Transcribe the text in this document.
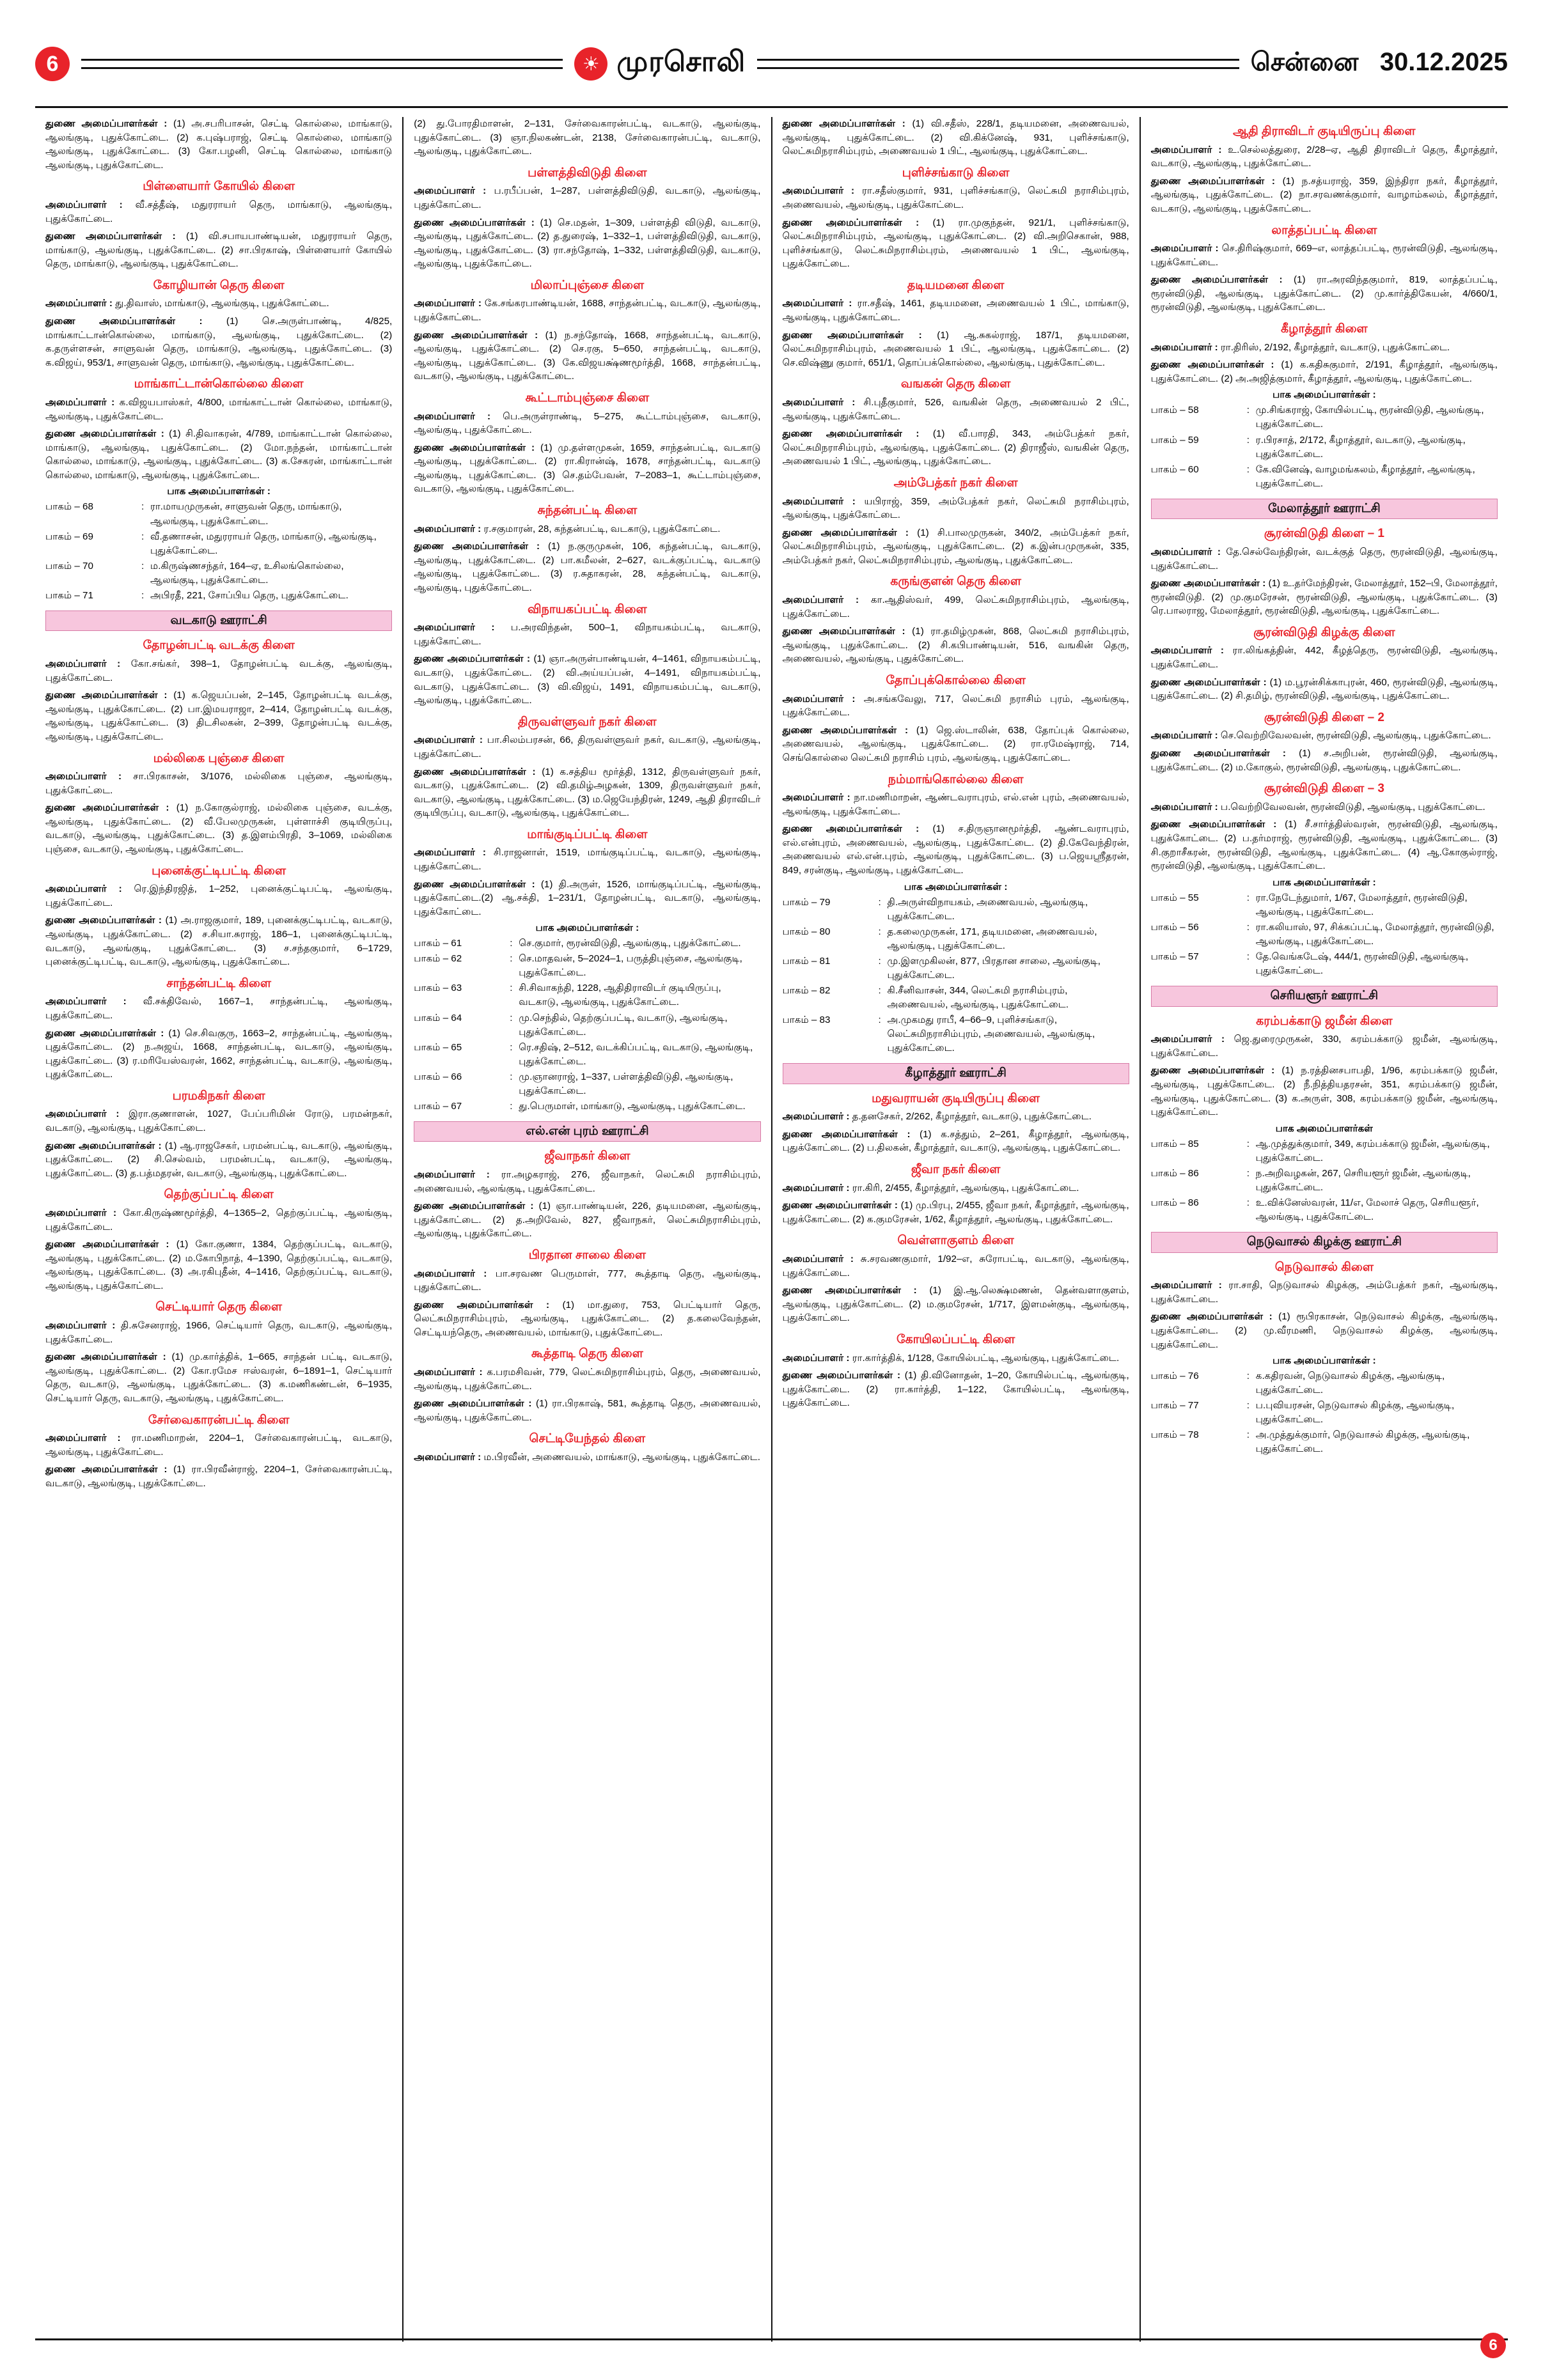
6	☀ முரசொலி	சென்னை 30.12.2025
துணை அமைப்பாளர்கள் : (1) அ.சபரிபாசன், செட்டி கொல்லை, மாங்காடு, ஆலங்குடி, புதுக்கோட்டை. (2) க.புஷ்பராஜ், செட்டி கொல்லை, மாங்காடு ஆலங்குடி, புதுக்கோட்டை. (3) கோ.பழனி, செட்டி கொல்லை, மாங்காடு ஆலங்குடி, புதுக்கோட்டை.
பிள்ளையார் கோயில் கிளை
அமைப்பாளர் : வீ.சத்தீஷ், மதுரராயர் தெரு, மாங்காடு, ஆலங்குடி, புதுக்கோட்டை.
துணை அமைப்பாளர்கள் : (1) வி.சபாயபாண்டியன், மதுரராயர் தெரு, மாங்காடு, ஆலங்குடி, புதுக்கோட்டை. (2) சா.பிரகாஷ், பிள்ளையார் கோயில் தெரு, மாங்காடு, ஆலங்குடி, புதுக்கோட்டை.
கோழியான் தெரு கிளை
அமைப்பாளர் : து.திவாஸ், மாங்காடு, ஆலங்குடி, புதுக்கோட்டை.
துணை அமைப்பாளர்கள் : (1) செ.அருள்பாண்டி, 4/825, மாங்காட்டான்கொல்லை, மாங்காடு, ஆலங்குடி, புதுக்கோட்டை. (2) க.தருள்ளசன், சாளுவன் தெரு, மாங்காடு, ஆலங்குடி, புதுக்கோட்டை. (3) க.விஜய், 953/1, சாளுவன் தெரு, மாங்காடு, ஆலங்குடி, புதுக்கோட்டை.
மாங்காட்டான்கொல்லை கிளை
அமைப்பாளர் : க.விஜயபாஸ்கர், 4/800, மாங்காட்டான் கொல்லை, மாங்காடு, ஆலங்குடி, புதுக்கோட்டை.
துணை அமைப்பாளர்கள் : (1) சி.திவாகரன், 4/789, மாங்காட்டான் கொல்லை, மாங்காடு, ஆலங்குடி, புதுக்கோட்டை. (2) மோ.நந்தன், மாங்காட்டான் கொல்லை, மாங்காடு, ஆலங்குடி, புதுக்கோட்டை. (3) க.சேகரன், மாங்காட்டான் கொல்லை, மாங்காடு, ஆலங்குடி, புதுக்கோட்டை.
பாக அமைப்பாளர்கள் :
பாகம் – 68	: ரா.மாயமுருகன், சாளுவன் தெரு, மாங்காடு, ஆலங்குடி, புதுக்கோட்டை.
பாகம் – 69	: வீ.தணாசன், மதுரராயர் தெரு, மாங்காடு, ஆலங்குடி, புதுக்கோட்டை.
பாகம் – 70	: ம.கிருஷ்ணசந்தர், 164–ஏ, உசிலங்கொல்லை, ஆலங்குடி, புதுக்கோட்டை.
பாகம் – 71	: அபிரதீ, 221, சோப்பிய தெரு, புதுக்கோட்டை.
வடகாடு ஊராட்சி
தோழன்பட்டி வடக்கு கிளை
அமைப்பாளர் : கோ.சங்கர், 398–1, தோழன்பட்டி வடக்கு, ஆலங்குடி, புதுக்கோட்டை.
துணை அமைப்பாளர்கள் : (1) க.ஜெயப்பன், 2–145, தோழன்பட்டி வடக்கு, ஆலங்குடி, புதுக்கோட்டை. (2) பா.இமயராஜா, 2–414, தோழன்பட்டி வடக்கு, ஆலங்குடி, புதுக்கோட்டை. (3) திடசிலகன், 2–399, தோழன்பட்டி வடக்கு, ஆலங்குடி, புதுக்கோட்டை.
மல்லிகை புஞ்சை கிளை
அமைப்பாளர் : சா.பிரகாசன், 3/1076, மல்லிகை புஞ்சை, ஆலங்குடி, புதுக்கோட்டை.
துணை அமைப்பாளர்கள் : (1) ந.கோகுல்ராஜ், மல்லிகை புஞ்சை, வடக்கு, ஆலங்குடி, புதுக்கோட்டை. (2) வீ.பேலமுருகன், புள்ளாச்சி குடியிருப்பு, வடகாடு, ஆலங்குடி, புதுக்கோட்டை. (3) த.இளம்பிரதி, 3–1069, மல்லிகை புஞ்சை, வடகாடு, ஆலங்குடி, புதுக்கோட்டை.
புனைக்குட்டிபட்டி கிளை
அமைப்பாளர் : ரெ.இந்திரஜித், 1–252, புனைக்குட்டிபட்டி, ஆலங்குடி, புதுக்கோட்டை.
துணை அமைப்பாளர்கள் : (1) அ.ராஜகுமார், 189, புனைக்குட்டிபட்டி, வடகாடு, ஆலங்குடி, புதுக்கோட்டை. (2) ச.சியா.சுராஜ், 186–1, புனைக்குட்டிபட்டி, வடகாடு, ஆலங்குடி, புதுக்கோட்டை. (3) ச.சந்தகுமார், 6–1729, புனைக்குட்டிபட்டி, வடகாடு, ஆலங்குடி, புதுக்கோட்டை.
சாந்தன்பட்டி கிளை
அமைப்பாளர் : வீ.சக்திவேல், 1667–1, சாந்தன்பட்டி, ஆலங்குடி, புதுக்கோட்டை.
துணை அமைப்பாளர்கள் : (1) செ.சிவகுரு, 1663–2, சாந்தன்பட்டி, ஆலங்குடி, புதுக்கோட்டை. (2) ந.அஜய், 1668, சாந்தன்பட்டி, வடகாடு, ஆலங்குடி, புதுக்கோட்டை. (3) ர.மரியேஸ்வரன், 1662, சாந்தன்பட்டி, வடகாடு, ஆலங்குடி, புதுக்கோட்டை.
பரமகிநகர் கிளை
அமைப்பாளர் : இரா.குணாளன், 1027, பேப்பரிமின் ரோடு, பரமன்நகர், வடகாடு, ஆலங்குடி, புதுக்கோட்டை.
துணை அமைப்பாளர்கள் : (1) ஆ.ராஜசேகர், பரமன்பட்டி, வடகாடு, ஆலங்குடி, புதுக்கோட்டை. (2) சி.செல்வம், பரமன்பட்டி, வடகாடு, ஆலங்குடி, புதுக்கோட்டை. (3) த.பத்மதரன், வடகாடு, ஆலங்குடி, புதுக்கோட்டை.
தெற்குப்பட்டி கிளை
அமைப்பாளர் : கோ.கிருஷ்ணமூர்த்தி, 4–1365–2, தெற்குப்பட்டி, ஆலங்குடி, புதுக்கோட்டை.
துணை அமைப்பாளர்கள் : (1) கோ.குணா, 1384, தெற்குப்பட்டி, வடகாடு, ஆலங்குடி, புதுக்கோட்டை. (2) ம.கோபிநாத், 4–1390, தெற்குப்பட்டி, வடகாடு, ஆலங்குடி, புதுக்கோட்டை. (3) அ.ரகிபுதீன், 4–1416, தெற்குப்பட்டி, வடகாடு, ஆலங்குடி, புதுக்கோட்டை.
செட்டியார் தெரு கிளை
அமைப்பாளர் : தி.சுசேனராஜ், 1966, செட்டியார் தெரு, வடகாடு, ஆலங்குடி, புதுக்கோட்டை.
துணை அமைப்பாளர்கள் : (1) மு.கார்த்திக், 1–665, சாந்தன் பட்டி, வடகாடு, ஆலங்குடி, புதுக்கோட்டை. (2) கோ.ரமேச ஈஸ்வரன், 6–1891–1, செட்டியார் தெரு, வடகாடு, ஆலங்குடி, புதுக்கோட்டை. (3) க.மணிகண்டன், 6–1935, செட்டியார் தெரு, வடகாடு, ஆலங்குடி, புதுக்கோட்டை.
சேர்வைகாரன்பட்டி கிளை
அமைப்பாளர் : ரா.மணிமாறன், 2204–1, சேர்வைகாரன்பட்டி, வடகாடு, ஆலங்குடி, புதுக்கோட்டை.
துணை அமைப்பாளர்கள் : (1) ரா.பிரவீன்ராஜ், 2204–1, சேர்வைகாரன்பட்டி, வடகாடு, ஆலங்குடி, புதுக்கோட்டை.
(2) து.போரதிமாளன், 2–131, சேர்வைகாரன்பட்டி, வடகாடு, ஆலங்குடி, புதுக்கோட்டை. (3) ஞா.நிலகண்டன், 2138, சேர்வைகாரன்பட்டி, வடகாடு, ஆலங்குடி, புதுக்கோட்டை.
பள்ளத்திவிடுதி கிளை
அமைப்பாளர் : ப.ரபீப்பன், 1–287, பள்ளத்திவிடுதி, வடகாடு, ஆலங்குடி, புதுக்கோட்டை.
துணை அமைப்பாளர்கள் : (1) செ.மதன், 1–309, பள்ளத்தி விடுதி, வடகாடு, ஆலங்குடி, புதுக்கோட்டை. (2) த.துரைஷ், 1–332–1, பள்ளத்திவிடுதி, வடகாடு, ஆலங்குடி, புதுக்கோட்டை. (3) ரா.சந்தோஷ், 1–332, பள்ளத்திவிடுதி, வடகாடு, ஆலங்குடி, புதுக்கோட்டை.
மிலாப்புஞ்சை கிளை
அமைப்பாளர் : கே.சங்கரபாண்டியன், 1688, சாந்தன்பட்டி, வடகாடு, ஆலங்குடி, புதுக்கோட்டை.
துணை அமைப்பாளர்கள் : (1) ந.சந்தோஷ், 1668, சாந்தன்பட்டி, வடகாடு, ஆலங்குடி, புதுக்கோட்டை. (2) செ.ரகு, 5–650, சாந்தன்பட்டி, வடகாடு, ஆலங்குடி, புதுக்கோட்டை. (3) கே.விஜயக்ஷ்ணமூர்த்தி, 1668, சாந்தன்பட்டி, வடகாடு, ஆலங்குடி, புதுக்கோட்டை.
கூட்டாம்புஞ்சை கிளை
அமைப்பாளர் : பெ.அருள்ராண்டி, 5–275, கூட்டாம்புஞ்சை, வடகாடு, ஆலங்குடி, புதுக்கோட்டை.
துணை அமைப்பாளர்கள் : (1) மு.தள்ளமுகன், 1659, சாந்தன்பட்டி, வடகாடு ஆலங்குடி, புதுக்கோட்டை. (2) ரா.கிரான்ஷ், 1678, சாந்தன்பட்டி, வடகாடு ஆலங்குடி, புதுக்கோட்டை. (3) செ.தம்பேவன், 7–2083–1, கூட்டாம்புஞ்சை, வடகாடு, ஆலங்குடி, புதுக்கோட்டை.
சுந்தன்பட்டி கிளை
அமைப்பாளர் : ர.சகுமாரன், 28, கந்தன்பட்டி, வடகாடு, புதுக்கோட்டை.
துணை அமைப்பாளர்கள் : (1) ந.குருமுகன், 106, கந்தன்பட்டி, வடகாடு, ஆலங்குடி, புதுக்கோட்டை. (2) பா.கமீலன், 2–627, வடக்குப்பட்டி, வடகாடு ஆலங்குடி, புதுக்கோட்டை. (3) ர.சுதாகரன், 28, கந்தன்பட்டி, வடகாடு, ஆலங்குடி, புதுக்கோட்டை.
விநாயகப்பட்டி கிளை
அமைப்பாளர் : ப.அரவிந்தன், 500–1, விநாயகம்பட்டி, வடகாடு, புதுக்கோட்டை.
துணை அமைப்பாளர்கள் : (1) ஞா.அருள்பாண்டியன், 4–1461, விநாயகம்பட்டி, வடகாடு, புதுக்கோட்டை. (2) வி.அய்யப்பன், 4–1491, விநாயகம்பட்டி, வடகாடு, புதுக்கோட்டை. (3) வி.விஜய், 1491, விநாயகம்பட்டி, வடகாடு, ஆலங்குடி, புதுக்கோட்டை.
திருவள்ளுவர் நகர் கிளை
அமைப்பாளர் : பா.சிலம்பரசன், 66, திருவள்ளுவர் நகர், வடகாடு, ஆலங்குடி, புதுக்கோட்டை.
துணை அமைப்பாளர்கள் : (1) க.சத்திய மூர்த்தி, 1312, திருவள்ளுவர் நகர், வடகாடு, புதுக்கோட்டை. (2) வி.தமிழ்அழகன், 1309, திருவள்ளுவர் நகர், வடகாடு, ஆலங்குடி, புதுக்கோட்டை. (3) ம.ஜெயேந்திரன், 1249, ஆதி திராவிடர் குடியிருப்பு, வடகாடு, ஆலங்குடி, புதுக்கோட்டை.
மாங்குடிப்பட்டி கிளை
அமைப்பாளர் : சி.ராஜனாள், 1519, மாங்குடிப்பட்டி, வடகாடு, ஆலங்குடி, புதுக்கோட்டை.
துணை அமைப்பாளர்கள் : (1) தி.அருள், 1526, மாங்குடிப்பட்டி, ஆலங்குடி, புதுக்கோட்டை.(2) ஆ.சக்தி, 1–231/1, தோழன்பட்டி, வடகாடு, ஆலங்குடி, புதுக்கோட்டை.
பாக அமைப்பாளர்கள் :
பாகம் – 61	: செ.குமார், ரூரன்விடுதி, ஆலங்குடி, புதுக்கோட்டை.
பாகம் – 62	: செ.மாதவன், 5–2024–1, பருத்திபுஞ்சை, ஆலங்குடி, புதுக்கோட்டை.
பாகம் – 63	: சி.சிவாகந்தி, 1228, ஆதிதிராவிடர் குடியிருப்பு, வடகாடு, ஆலங்குடி, புதுக்கோட்டை.
பாகம் – 64	: மு.செந்தில், தெற்குப்பட்டி, வடகாடு, ஆலங்குடி, புதுக்கோட்டை.
பாகம் – 65	: ரெ.சதிஷ், 2–512, வடக்கிப்பட்டி, வடகாடு, ஆலங்குடி, புதுக்கோட்டை.
பாகம் – 66	: மு.ஞானராஜ், 1–337, பள்ளத்திவிடுதி, ஆலங்குடி, புதுக்கோட்டை.
பாகம் – 67	: து.பெருமாள், மாங்காடு, ஆலங்குடி, புதுக்கோட்டை.
எல்.என் புரம் ஊராட்சி
ஜீவாநகர் கிளை
அமைப்பாளர் : ரா.அழகராஜ், 276, ஜீவாநகர், லெட்சுமி நராசிம்புரம், அணைவயல், ஆலங்குடி, புதுக்கோட்டை.
துணை அமைப்பாளர்கள் : (1) ஞா.பாண்டியன், 226, தடியமனை, ஆலங்குடி, புதுக்கோட்டை. (2) த.அறிவேல், 827, ஜீவாநகர், லெட்சுமிநராசிம்புரம், ஆலங்குடி, புதுக்கோட்டை.
பிரதான சாலை கிளை
அமைப்பாளர் : பா.சரவண பெருமாள், 777, கூத்தாடி தெரு, ஆலங்குடி, புதுக்கோட்டை.
துணை அமைப்பாளர்கள் : (1) மா.துரை, 753, பெட்டியார் தெரு, லெட்சுமிநராசிம்புரம், ஆலங்குடி, புதுக்கோட்டை. (2) த.கலைவேந்தன், செட்டியந்தெரு, அணைவயல், மாங்காடு, புதுக்கோட்டை.
கூத்தாடி தெரு கிளை
அமைப்பாளர் : க.பரமசிவன், 779, லெட்சுமிநராசிம்புரம், தெரு, அணைவயல், ஆலங்குடி, புதுக்கோட்டை.
துணை அமைப்பாளர்கள் : (1) ரா.பிரகாஷ், 581, கூத்தாடி தெரு, அணைவயல், ஆலங்குடி, புதுக்கோட்டை.
செட்டியேந்தல் கிளை
அமைப்பாளர் : ம.பிரவீன், அணைவயல், மாங்காடு, ஆலங்குடி, புதுக்கோட்டை.
துணை அமைப்பாளர்கள் : (1) வி.சதீஸ், 228/1, தடியமனை, அணைவயல், ஆலங்குடி, புதுக்கோட்டை. (2) வி.கிக்னேஷ், 931, புளிச்சங்காடு, லெட்சுமிநராசிம்புரம், அணைவயல் 1 பிட், ஆலங்குடி, புதுக்கோட்டை.
புளிச்சங்காடு கிளை
அமைப்பாளர் : ரா.சதீஸ்குமார், 931, புளிச்சங்காடு, லெட்சுமி நராசிம்புரம், அணைவயல், ஆலங்குடி, புதுக்கோட்டை.
துணை அமைப்பாளர்கள் : (1) ரா.முகுந்தன், 921/1, புளிச்சங்காடு, லெட்சுமிநராசிம்புரம், ஆலங்குடி, புதுக்கோட்டை. (2) வி.அறிசெகான், 988, புளிச்சங்காடு, லெட்சுமிநராசிம்புரம், அணைவயல் 1 பிட், ஆலங்குடி, புதுக்கோட்டை.
தடியமனை கிளை
அமைப்பாளர் : ரா.சதீஷ், 1461, தடியமனை, அணைவயல் 1 பிட், மாங்காடு, ஆலங்குடி, புதுக்கோட்டை.
துணை அமைப்பாளர்கள் : (1) ஆ.சுகல்ராஜ், 187/1, தடியமனை, லெட்சுமிநராசிம்புரம், அணைவயல் 1 பிட், ஆலங்குடி, புதுக்கோட்டை. (2) செ.விஷ்ணு குமார், 651/1, தொப்பக்கொல்லை, ஆலங்குடி, புதுக்கோட்டை.
வஙகன் தெரு கிளை
அமைப்பாளர் : சி.புதீகுமார், 526, வஙகின் தெரு, அணைவயல் 2 பிட், ஆலங்குடி, புதுக்கோட்டை.
துணை அமைப்பாளர்கள் : (1) வீ.பாரதி, 343, அம்பேத்கர் நகர், லெட்சுமிநராசிம்புரம், ஆலங்குடி, புதுக்கோட்டை. (2) திராஜீஸ், வஙகின் தெரு, அணைவயல் 1 பிட், ஆலங்குடி, புதுக்கோட்டை.
அம்பேத்கர் நகர் கிளை
அமைப்பாளர் : யபிராஜ், 359, அம்பேத்கர் நகர், லெட்சுமி நராசிம்புரம், ஆலங்குடி, புதுக்கோட்டை.
துணை அமைப்பாளர்கள் : (1) சி.பாலமுருகன், 340/2, அம்பேத்கர் நகர், லெட்சுமிநராசிம்புரம், ஆலங்குடி, புதுக்கோட்டை. (2) க.இன்பமுருகன், 335, அம்பேத்கர் நகர், லெட்சுமிநராசிம்புரம், ஆலங்குடி, புதுக்கோட்டை.
கருங்குளன் தெரு கிளை
அமைப்பாளர் : கா.ஆதிஸ்வர், 499, லெட்சுமிநராசிம்புரம், ஆலங்குடி, புதுக்கோட்டை.
துணை அமைப்பாளர்கள் : (1) ரா.தமிழ்முகன், 868, லெட்சுமி நராசிம்புரம், ஆலங்குடி, புதுக்கோட்டை. (2) சி.கபிபாண்டியன், 516, வஙகின் தெரு, அணைவயல், ஆலங்குடி, புதுக்கோட்டை.
தோப்புக்கொல்லை கிளை
அமைப்பாளர் : அ.சங்கவேலு, 717, லெட்சுமி நராசிம் புரம், ஆலங்குடி, புதுக்கோட்டை.
துணை அமைப்பாளர்கள் : (1) ஜெ.ஸ்டாலின், 638, தோப்புக் கொல்லை, அணைவயல், ஆலங்குடி, புதுக்கோட்டை. (2) ரா.ரமேஷ்ராஜ், 714, செங்கொல்லை லெட்சுமி நராசிம் புரம், ஆலங்குடி, புதுக்கோட்டை.
நம்மாங்கொல்லை கிளை
அமைப்பாளர் : நா.மணிமாறன், ஆண்டவராபுரம், எல்.என் புரம், அணைவயல், ஆலங்குடி, புதுக்கோட்டை.
துணை அமைப்பாளர்கள் : (1) ச.திருஞானமூர்த்தி, ஆண்டவராபுரம், எல்.என்புரம், அணைவயல், ஆலங்குடி, புதுக்கோட்டை. (2) தி.கேவேந்திரன், அணைவயல் எல்.என்.புரம், ஆலங்குடி, புதுக்கோட்டை. (3) ப.ஜெயஸ்ரீதரன், 849, சரன்குடி, ஆலங்குடி, புதுக்கோட்டை.
பாக அமைப்பாளர்கள் :
பாகம் – 79	: தி.அருள்விநாயகம், அணைவயல், ஆலங்குடி, புதுக்கோட்டை.
பாகம் – 80	: த.கலைமுருகன், 171, தடியமனை, அணைவயல், ஆலங்குடி, புதுக்கோட்டை.
பாகம் – 81	: மு.இளமுகிலன், 877, பிரதான சாலை, ஆலங்குடி, புதுக்கோட்டை.
பாகம் – 82	: கி.சீனிவாசன், 344, லெட்சுமி நராசிம்புரம், அணைவயல், ஆலங்குடி, புதுக்கோட்டை.
பாகம் – 83	: அ.முகமது ராபீ, 4–66–9, புளிச்சங்காடு, லெட்சுமிநராசிம்புரம், அணைவயல், ஆலங்குடி, புதுக்கோட்டை.
கீழாத்தூர் ஊராட்சி
மதுவராயன் குடியிருப்பு கிளை
அமைப்பாளர் : த.தனசேகர், 2/262, கீழாத்தூர், வடகாடு, புதுக்கோட்டை.
துணை அமைப்பாளர்கள் : (1) க.சத்தும், 2–261, கீழாத்தூர், ஆலங்குடி, புதுக்கோட்டை. (2) ப.திலகன், கீழாத்தூர், வடகாடு, ஆலங்குடி, புதுக்கோட்டை.
ஜீவா நகர் கிளை
அமைப்பாளர் : ரா.கிரி, 2/455, கீழாத்தூர், ஆலங்குடி, புதுக்கோட்டை.
துணை அமைப்பாளர்கள் : (1) மு.பிரபு, 2/455, ஜீவா நகர், கீழாத்தூர், ஆலங்குடி, புதுக்கோட்டை. (2) க.குமரேசன், 1/62, கீழாத்தூர், ஆலங்குடி, புதுக்கோட்டை.
வெள்ளாகுளம் கிளை
அமைப்பாளர் : சு.சரவணகுமார், 1/92–எ, சுரோபட்டி, வடகாடு, ஆலங்குடி, புதுக்கோட்டை.
துணை அமைப்பாளர்கள் : (1) இ.ஆ.லெக்ஷ்மணன், தென்வளாகுளம், ஆலங்குடி, புதுக்கோட்டை. (2) ம.குமரேசன், 1/717, இளமன்குடி, ஆலங்குடி, புதுக்கோட்டை.
கோயிலப்பட்டி கிளை
அமைப்பாளர் : ரா.கார்த்திக், 1/128, கோயில்பட்டி, ஆலங்குடி, புதுக்கோட்டை.
துணை அமைப்பாளர்கள் : (1) தி.வினோதன், 1–20, கோயில்பட்டி, ஆலங்குடி, புதுக்கோட்டை. (2) ரா.கார்த்தி, 1–122, கோயில்பட்டி, ஆலங்குடி, புதுக்கோட்டை.
ஆதி திராவிடர் குடியிருப்பு கிளை
அமைப்பாளர் : உ.செல்லத்துரை, 2/28–ஏ, ஆதி திராவிடர் தெரு, கீழாத்தூர், வடகாடு, ஆலங்குடி, புதுக்கோட்டை.
துணை அமைப்பாளர்கள் : (1) ந.சத்யராஜ், 359, இந்திரா நகர், கீழாத்தூர், ஆலங்குடி, புதுக்கோட்டை. (2) நா.சரவணக்குமார், வாழாம்கலம், கீழாத்தூர், வடகாடு, ஆலங்குடி, புதுக்கோட்டை.
லாத்தப்பட்டி கிளை
அமைப்பாளர் : செ.திரிஷ்குமார், 669–எ, லாத்தப்பட்டி, ரூரன்விடுதி, ஆலங்குடி, புதுக்கோட்டை.
துணை அமைப்பாளர்கள் : (1) ரா.அரவிந்தகுமார், 819, லாத்தப்பட்டி, ரூரன்விடுதி, ஆலங்குடி, புதுக்கோட்டை. (2) மு.கார்த்திகேயன், 4/660/1, ரூரன்விடுதி, ஆலங்குடி, புதுக்கோட்டை.
கீழாத்தூர் கிளை
அமைப்பாளர் : ரா.திரிஸ், 2/192, கீழாத்தூர், வடகாடு, புதுக்கோட்டை.
துணை அமைப்பாளர்கள் : (1) க.கதிசுகுமார், 2/191, கீழாத்தூர், ஆலங்குடி, புதுக்கோட்டை. (2) அ.அஜித்குமார், கீழாத்தூர், ஆலங்குடி, புதுக்கோட்டை.
பாக அமைப்பாளர்கள் :
பாகம் – 58	: மு.சிங்கராஜ், கோயில்பட்டி, ரூரன்விடுதி, ஆலங்குடி, புதுக்கோட்டை.
பாகம் – 59	: ர.பிரசாத், 2/172, கீழாத்தூர், வடகாடு, ஆலங்குடி, புதுக்கோட்டை.
பாகம் – 60	: கே.வினேஷ், வாழமங்கலம், கீழாத்தூர், ஆலங்குடி, புதுக்கோட்டை.
மேலாத்தூர் ஊராட்சி
சூரன்விடுதி கிளை – 1
அமைப்பாளர் : தே.செல்வேந்திரன், வடக்குத் தெரு, ரூரன்விடுதி, ஆலங்குடி, புதுக்கோட்டை.
துணை அமைப்பாளர்கள் : (1) உ.தர்மேந்திரன், மேலாத்தூர், 152–பி, மேலாத்தூர், ரூரன்விடுதி. (2) மு.குமரேசன், ரூரன்விடுதி, ஆலங்குடி, புதுக்கோட்டை. (3) ரெ.பாலராஜ, மேலாத்தூர், ரூரன்விடுதி, ஆலங்குடி, புதுக்கோட்டை.
சூரன்விடுதி கிழக்கு கிளை
அமைப்பாளர் : ரா.லிங்கத்தின், 442, கீழத்தெரு, ரூரன்விடுதி, ஆலங்குடி, புதுக்கோட்டை.
துணை அமைப்பாளர்கள் : (1) ம.பூரன்சிக்காபுரன், 460, ரூரன்விடுதி, ஆலங்குடி, புதுக்கோட்டை. (2) சி.தமிழ், ரூரன்விடுதி, ஆலங்குடி, புதுக்கோட்டை.
சூரன்விடுதி கிளை – 2
அமைப்பாளர் : செ.வெற்றிவேலவன், ரூரன்விடுதி, ஆலங்குடி, புதுக்கோட்டை.
துணை அமைப்பாளர்கள் : (1) ச.அறிபன், ரூரன்விடுதி, ஆலங்குடி, புதுக்கோட்டை. (2) ம.கோகுல், ரூரன்விடுதி, ஆலங்குடி, புதுக்கோட்டை.
சூரன்விடுதி கிளை – 3
அமைப்பாளர் : ப.வெற்றிவேலவன், ரூரன்விடுதி, ஆலங்குடி, புதுக்கோட்டை.
துணை அமைப்பாளர்கள் : (1) சீ.சார்த்திஸ்வரன், ரூரன்விடுதி, ஆலங்குடி, புதுக்கோட்டை. (2) ப.தர்மராஜ், ரூரன்விடுதி, ஆலங்குடி, புதுக்கோட்டை. (3) சி.குறாசீகரன், ரூரன்விடுதி, ஆலங்குடி, புதுக்கோட்டை. (4) ஆ.கோகுல்ராஜ், ரூரன்விடுதி, ஆலங்குடி, புதுக்கோட்டை.
பாக அமைப்பாளர்கள் :
பாகம் – 55	: ரா.நேடேந்துமார், 1/67, மேலாத்தூர், ரூரன்விடுதி, ஆலங்குடி, புதுக்கோட்டை.
பாகம் – 56	: ரா.கலியாஸ், 97, சிக்கப்பட்டி, மேலாத்தூர், ரூரன்விடுதி, ஆலங்குடி, புதுக்கோட்டை.
பாகம் – 57	: தே.வெங்கடேஷ், 444/1, ரூரன்விடுதி, ஆலங்குடி, புதுக்கோட்டை.
செரியளூர் ஊராட்சி
கரம்பக்காடு ஜமீன் கிளை
அமைப்பாளர் : ஜெ.துரைமுருகன், 330, கரம்பக்காடு ஜமீன், ஆலங்குடி, புதுக்கோட்டை.
துணை அமைப்பாளர்கள் : (1) ந.ரத்தினசபாபதி, 1/96, கரம்பக்காடு ஜமீன், ஆலங்குடி, புதுக்கோட்டை. (2) நீ.நித்தியதரசன், 351, கரம்பக்காடு ஜமீன், ஆலங்குடி, புதுக்கோட்டை. (3) க.அருள், 308, கரம்பக்காடு ஜமீன், ஆலங்குடி, புதுக்கோட்டை.
பாக அமைப்பாளர்கள்
பாகம் – 85	: ஆ.முத்துக்குமார், 349, கரம்பக்காடு ஜமீன், ஆலங்குடி, புதுக்கோட்டை.
பாகம் – 86	: ந.அறிவழகன், 267, செரியளூர் ஜமீன், ஆலங்குடி, புதுக்கோட்டை.
பாகம் – 86	: உ.விக்னேஸ்வரன், 11/எ, மேலாச் தெரு, செரியளூர், ஆலங்குடி, புதுக்கோட்டை.
நெடுவாசல் கிழக்கு ஊராட்சி
நெடுவாசல் கிளை
அமைப்பாளர் : ரா.சாதி, நெடுவாசல் கிழக்கு, அம்பேத்கர் நகர், ஆலங்குடி, புதுக்கோட்டை.
துணை அமைப்பாளர்கள் : (1) ரூபிரகாசன், நெடுவாசல் கிழக்கு, ஆலங்குடி, புதுக்கோட்டை. (2) மு.வீரமணி, நெடுவாசல் கிழக்கு, ஆலங்குடி, புதுக்கோட்டை.
பாக அமைப்பாளர்கள் :
பாகம் – 76	: க.கதிரவன், நெடுவாசல் கிழக்கு, ஆலங்குடி, புதுக்கோட்டை.
பாகம் – 77	: ப.புவியரசன், நெடுவாசல் கிழக்கு, ஆலங்குடி, புதுக்கோட்டை.
பாகம் – 78	: அ.முத்துக்குமார், நெடுவாசல் கிழக்கு, ஆலங்குடி, புதுக்கோட்டை.
6
